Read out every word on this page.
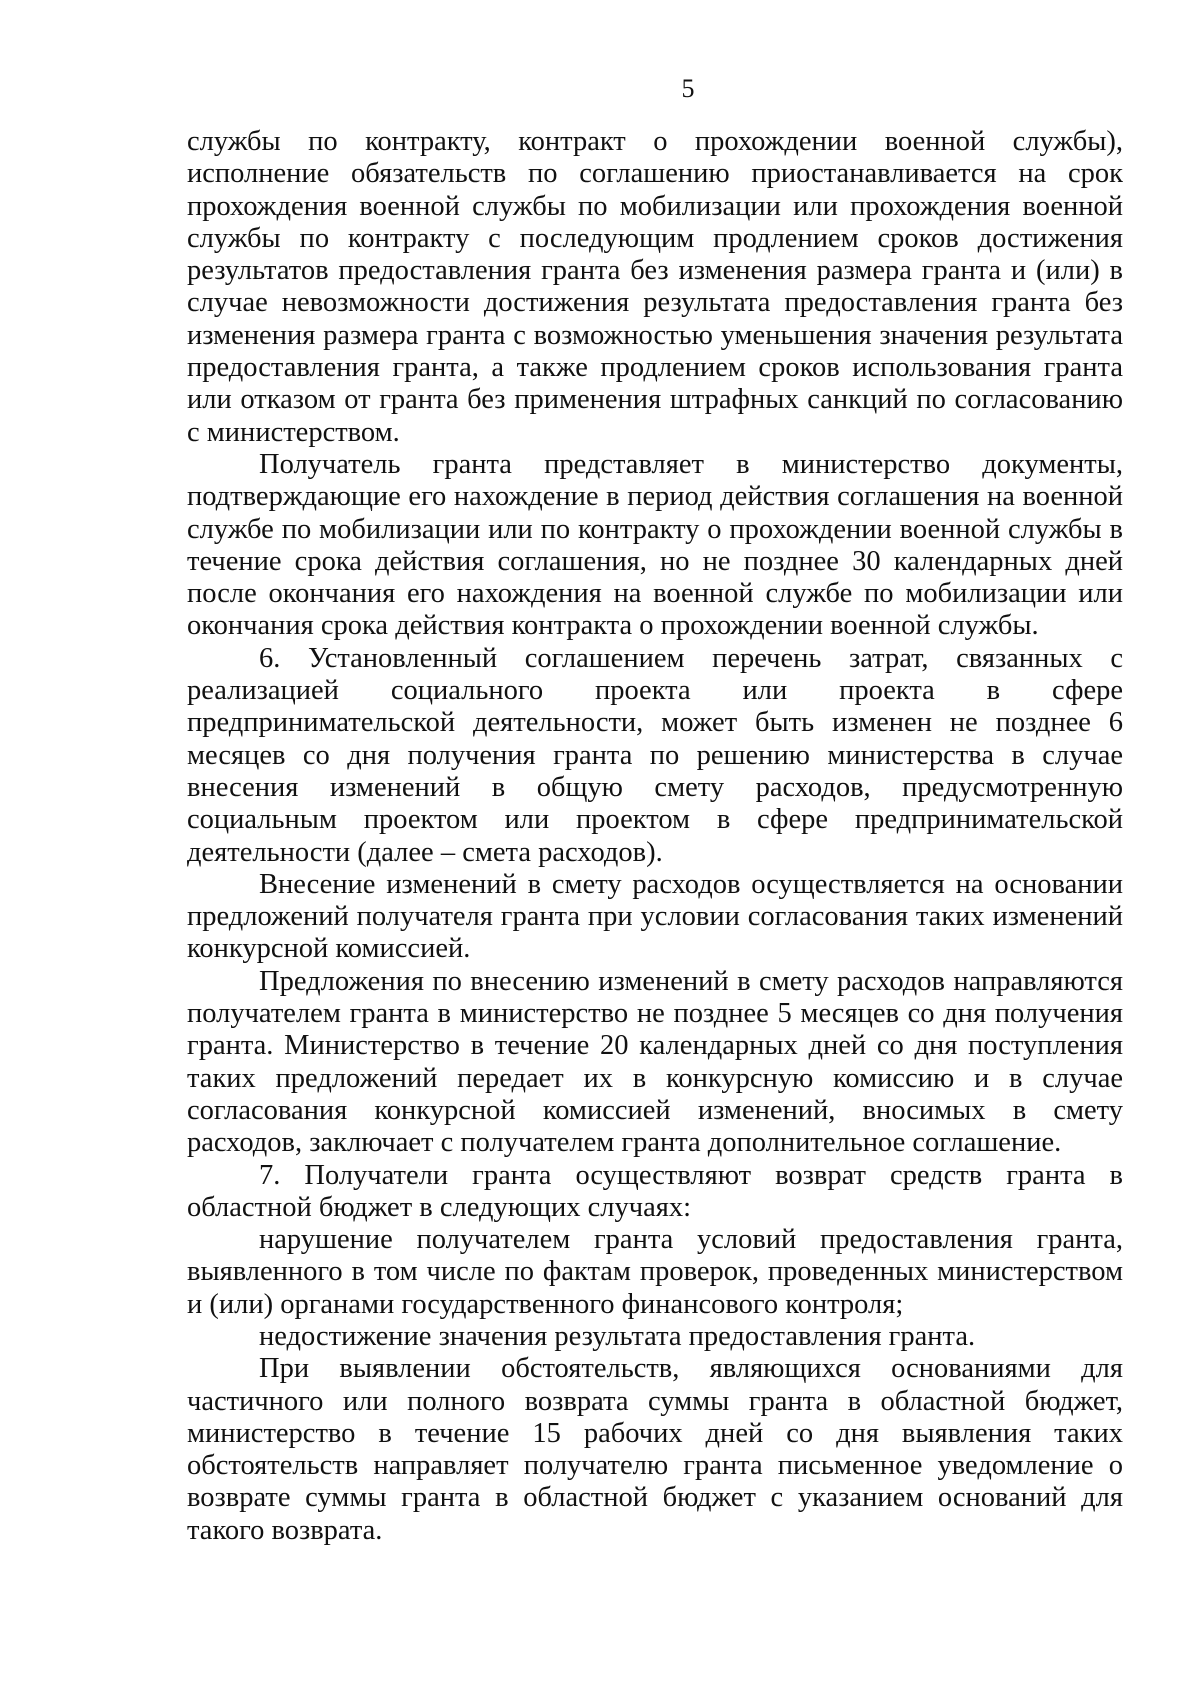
5

службы по контракту, контракт о прохождении военной службы), исполнение обязательств по соглашению приостанавливается на срок прохождения военной службы по мобилизации или прохождения военной службы по контракту с последующим продлением сроков достижения результатов предоставления гранта без изменения размера гранта и (или) в случае невозможности достижения результата предоставления гранта без изменения размера гранта с возможностью уменьшения значения результата предоставления гранта, а также продлением сроков использования гранта или отказом от гранта без применения штрафных санкций по согласованию с министерством.

Получатель гранта представляет в министерство документы, подтверждающие его нахождение в период действия соглашения на военной службе по мобилизации или по контракту о прохождении военной службы в течение срока действия соглашения, но не позднее 30 календарных дней после окончания его нахождения на военной службе по мобилизации или окончания срока действия контракта о прохождении военной службы.

6. Установленный соглашением перечень затрат, связанных с реализацией социального проекта или проекта в сфере предпринимательской деятельности, может быть изменен не позднее 6 месяцев со дня получения гранта по решению министерства в случае внесения изменений в общую смету расходов, предусмотренную социальным проектом или проектом в сфере предпринимательской деятельности (далее – смета расходов).

Внесение изменений в смету расходов осуществляется на основании предложений получателя гранта при условии согласования таких изменений конкурсной комиссией.

Предложения по внесению изменений в смету расходов направляются получателем гранта в министерство не позднее 5 месяцев со дня получения гранта. Министерство в течение 20 календарных дней со дня поступления таких предложений передает их в конкурсную комиссию и в случае согласования конкурсной комиссией изменений, вносимых в смету расходов, заключает с получателем гранта дополнительное соглашение.

7. Получатели гранта осуществляют возврат средств гранта в областной бюджет в следующих случаях:

нарушение получателем гранта условий предоставления гранта, выявленного в том числе по фактам проверок, проведенных министерством и (или) органами государственного финансового контроля;

недостижение значения результата предоставления гранта.

При выявлении обстоятельств, являющихся основаниями для частичного или полного возврата суммы гранта в областной бюджет, министерство в течение 15 рабочих дней со дня выявления таких обстоятельств направляет получателю гранта письменное уведомление о возврате суммы гранта в областной бюджет с указанием оснований для такого возврата.
